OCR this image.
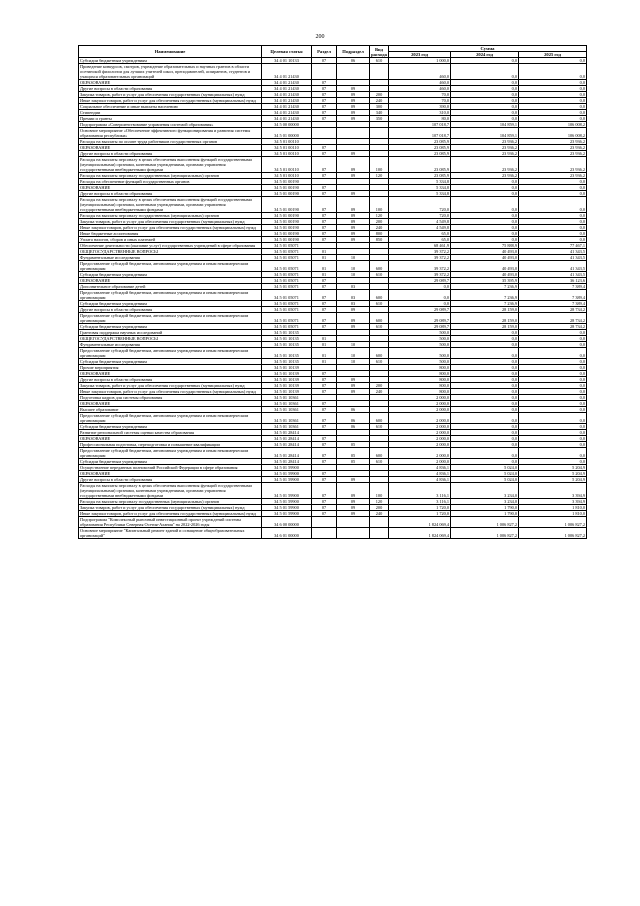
200
Наименование	Целевая статья	Раздел	Подраздел	Вид расхода	Сумма		
					2023 год	2024 год	2025 год
Субсидии бюджетным учреждениям	34 4 01 10133	07	06	610	1 000,0	0,0	0,0
Проведение конкурсов, смотров, учреждение образовательных и научных грантов в области осетинской филологии для лучших учителей школ, преподавателей, аспирантов, студентов и учащихся образовательных организаций	34 4 01 21430				460,0	0,0	0,0
ОБРАЗОВАНИЕ	34 4 01 21430	07			460,0	0,0	0,0
Другие вопросы в области образования	34 4 01 21430	07	09		460,0	0,0	0,0
Закупка товаров, работ и услуг для обеспечения государственных (муниципальных) нужд	34 4 01 21430	07	09	200	70,0	0,0	0,0
Иные закупки товаров, работ и услуг для обеспечения государственных (муниципальных) нужд	34 4 01 21430	07	09	240	70,0	0,0	0,0
Социальное обеспечение и иные выплаты населению	34 4 01 21430	07	09	300	390,0	0,0	0,0
Стипендии	34 4 01 21430	07	09	340	310,0	0,0	0,0
Премии и гранты	34 4 01 21430	07	09	350	80,0	0,0	0,0
Подпрограмма «Совершенствование управления системой образования»	34 5 00 00000				107 018,7	104 859,1	106 008,2
Основное мероприятие «Обеспечение эффективного функционирования и развития системы образования республики»	34 5 01 00000				107 018,7	104 859,1	106 008,2
Расходы на выплаты по оплате труда работников государственных органов	34 5 01 00110				23 085,9	23 936,2	23 936,2
ОБРАЗОВАНИЕ	34 5 01 00110	07			23 085,9	23 936,2	23 936,2
Другие вопросы в области образования	34 5 01 00110	07	09		23 085,9	23 936,2	23 936,2
Расходы на выплаты персоналу в целях обеспечения выполнения функций государственными (муниципальными) органами, казенными учреждениями, органами управления государственными внебюджетными фондами	34 5 01 00110	07	09	100	23 085,9	23 936,2	23 936,2
Расходы на выплаты персоналу государственных (муниципальных) органов	34 5 01 00110	07	09	120	23 085,9	23 936,2	23 936,2
Расходы на обеспечение функций государственных органов	34 5 01 00190				5 334,8	0,0	0,0
ОБРАЗОВАНИЕ	34 5 01 00190	07			5 334,8	0,0	0,0
Другие вопросы в области образования	34 5 01 00190	07	09		5 334,8	0,0	0,0
Расходы на выплаты персоналу в целях обеспечения выполнения функций государственными (муниципальными) органами, казенными учреждениями, органами управления государственными внебюджетными фондами	34 5 01 00190	07	09	100	720,0	0,0	0,0
Расходы на выплаты персоналу государственных (муниципальных) органов	34 5 01 00190	07	09	120	720,0	0,0	0,0
Закупка товаров, работ и услуг для обеспечения государственных (муниципальных) нужд	34 5 01 00190	07	09	200	4 549,8	0,0	0,0
Иные закупки товаров, работ и услуг для обеспечения государственных (муниципальных) нужд	34 5 01 00190	07	09	240	4 549,8	0,0	0,0
Иные бюджетные ассигнования	34 5 01 00190	07	09	800	65,0	0,0	0,0
Уплата налогов, сборов и иных платежей	34 5 01 00190	07	09	850	65,0	0,0	0,0
Обеспечение деятельности (оказание услуг) государственных учреждений в сфере образования	34 5 01 05071				68 461,9	75 888,9	77 467,1
ОБЩЕГОСУДАРСТВЕННЫЕ ВОПРОСЫ	34 5 01 05071	01			39 372,2	40 493,0	41 343,5
Фундаментальные исследования	34 5 01 05071	01	10		39 372,2	40 493,0	41 343,5
Предоставление субсидий бюджетным, автономным учреждениям и иным некоммерческим организациям	34 5 01 05071	01	10	600	39 372,2	40 493,0	41 343,5
Субсидии бюджетным учреждениям	34 5 01 05071	01	10	610	39 372,2	40 493,0	41 343,5
ОБРАЗОВАНИЕ	34 5 01 05071	07			29 089,7	35 395,9	36 123,6
Дополнительное образование детей	34 5 01 05071	07	03		0,0	7 236,9	7 389,4
Предоставление субсидий бюджетным, автономным учреждениям и иным некоммерческим организациям	34 5 01 05071	07	03	600	0,0	7 236,9	7 389,4
Субсидии бюджетным учреждениям	34 5 01 05071	07	03	610	0,0	7 236,9	7 389,4
Другие вопросы в области образования	34 5 01 05071	07	09		29 089,7	28 159,0	28 734,2
Предоставление субсидий бюджетным, автономным учреждениям и иным некоммерческим организациям	34 5 01 05071	07	09	600	29 089,7	28 159,0	28 734,2
Субсидии бюджетным учреждениям	34 5 01 05071	07	09	610	29 089,7	28 159,0	28 734,2
Грантовая поддержка научных исследований	34 5 01 10135				500,0	0,0	0,0
ОБЩЕГОСУДАРСТВЕННЫЕ ВОПРОСЫ	34 5 01 10135	01			500,0	0,0	0,0
Фундаментальные исследования	34 5 01 10135	01	10		500,0	0,0	0,0
Предоставление субсидий бюджетным, автономным учреждениям и иным некоммерческим организациям	34 5 01 10135	01	10	600	500,0	0,0	0,0
Субсидии бюджетным учреждениям	34 5 01 10135	01	10	610	500,0	0,0	0,0
Прочие мероприятия	34 5 01 10139				800,0	0,0	0,0
ОБРАЗОВАНИЕ	34 5 01 10139	07			800,0	0,0	0,0
Другие вопросы в области образования	34 5 01 10139	07	09		800,0	0,0	0,0
Закупка товаров, работ и услуг для обеспечения государственных (муниципальных) нужд	34 5 01 10139	07	09	200	800,0	0,0	0,0
Иные закупки товаров, работ и услуг для обеспечения государственных (муниципальных) нужд	34 5 01 10139	07	09	240	800,0	0,0	0,0
Подготовка кадров для системы образования	34 5 01 10361				2 000,0	0,0	0,0
ОБРАЗОВАНИЕ	34 5 01 10361	07			2 000,0	0,0	0,0
Высшее образование	34 5 01 10361	07	06		2 000,0	0,0	0,0
Предоставление субсидий бюджетным, автономным учреждениям и иным некоммерческим организациям	34 5 01 10361	07	06	600	2 000,0	0,0	0,0
Субсидии бюджетным учреждениям	34 5 01 10361	07	06	610	2 000,0	0,0	0,0
Развитие региональной системы оценки качества образования	34 5 01 28414				2 000,0	0,0	0,0
ОБРАЗОВАНИЕ	34 5 01 28414	07			2 000,0	0,0	0,0
Профессиональная подготовка, переподготовка и повышение квалификации	34 5 01 28414	07	05		2 000,0	0,0	0,0
Предоставление субсидий бюджетным, автономным учреждениям и иным некоммерческим организациям	34 5 01 28414	07	05	600	2 000,0	0,0	0,0
Субсидии бюджетным учреждениям	34 5 01 28414	07	05	610	2 000,0	0,0	0,0
Осуществление переданных полномочий Российской Федерации в сфере образования	34 5 01 59900				4 836,1	5 024,0	5 204,9
ОБРАЗОВАНИЕ	34 5 01 59900	07			4 836,1	5 024,0	5 204,9
Другие вопросы в области образования	34 5 01 59900	07	09		4 836,1	5 024,0	5 204,9
Расходы на выплаты персоналу в целях обеспечения выполнения функций государственными (муниципальными) органами, казенными учреждениями, органами управления государственными внебюджетными фондами	34 5 01 59900	07	09	100	3 116,1	3 234,0	3 394,9
Расходы на выплаты персоналу государственных (муниципальных) органов	34 5 01 59900	07	09	120	3 116,1	3 234,0	3 394,9
Закупка товаров, работ и услуг для обеспечения государственных (муниципальных) нужд	34 5 01 59900	07	09	200	1 720,0	1 790,0	1 810,0
Иные закупки товаров, работ и услуг для обеспечения государственных (муниципальных) нужд	34 5 01 59900	07	09	240	1 720,0	1 790,0	1 810,0
Подпрограмма "Комплексный рыночный инвестиционный проект учреждений системы образования Республики Северная Осетия-Алания" на 2022-2026 годы	34 6 00 00000				1 824 069,4	1 006 827,2	1 006 827,2
Основное мероприятие "Капитальный ремонт зданий и оснащение общеобразовательных организаций"	34 6 01 00000				1 824 069,4	1 006 827,2	1 006 827,2
